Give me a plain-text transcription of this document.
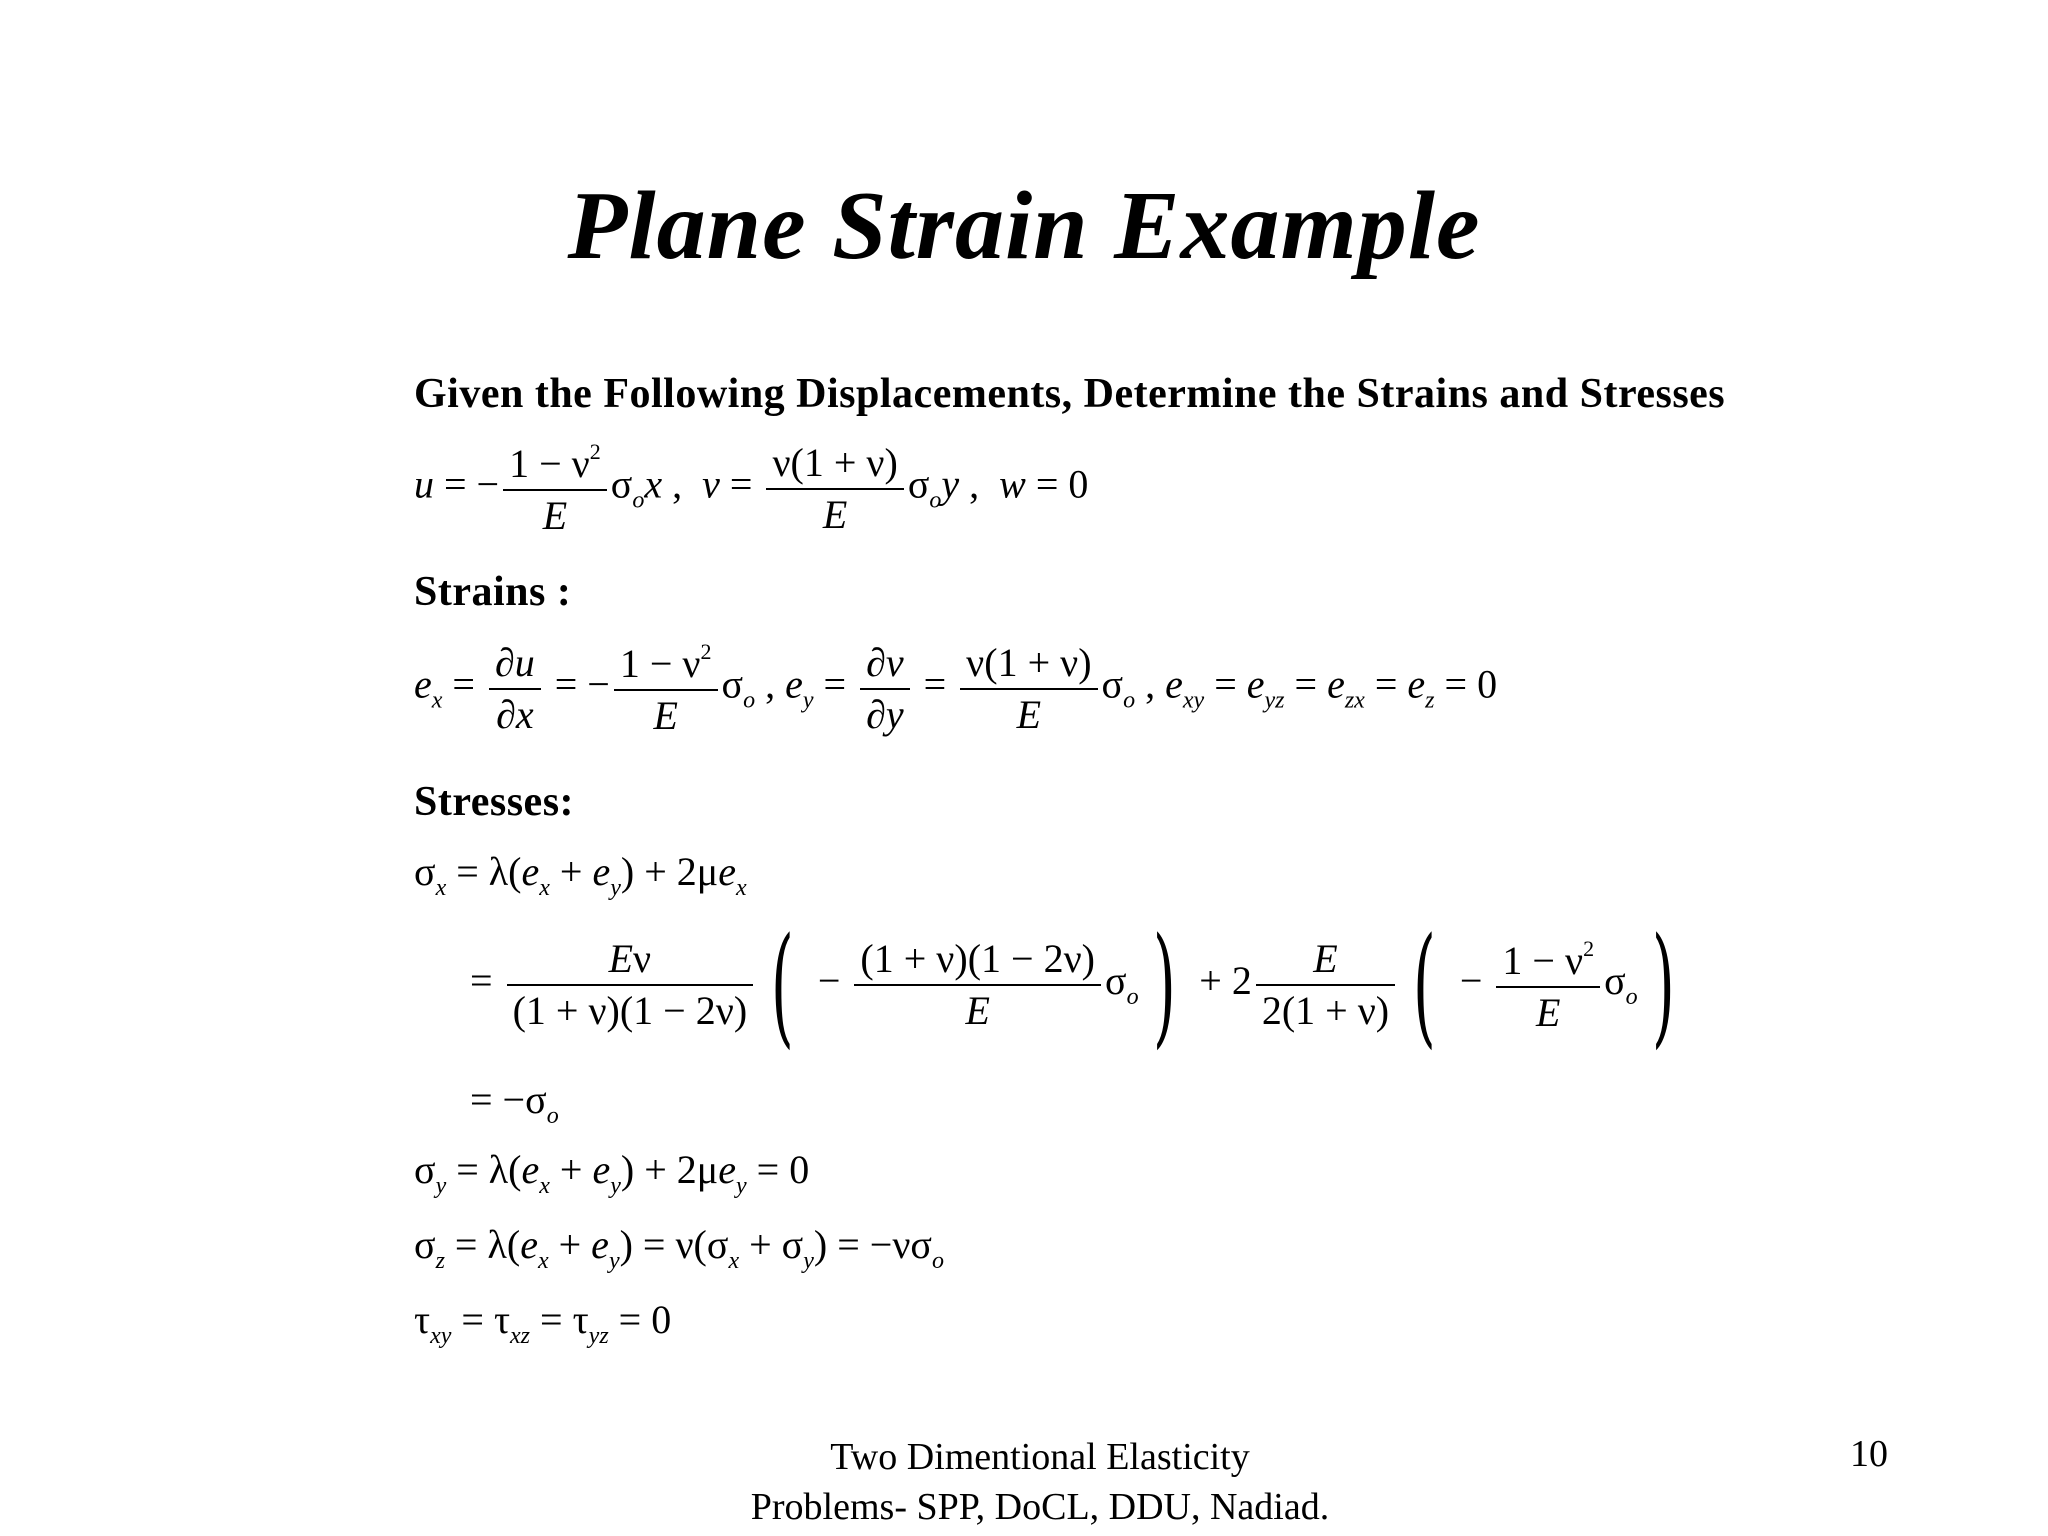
Plane Strain Example
Given the Following Displacements, Determine the Strains and Stresses
u = − $\frac{1 - \nu^2}{E} \sigma_ox$ ,  $v = \frac{\nu(1 + \nu)}{E} \sigma_oy$ ,  w = 0
Strains :
$e_x = \frac{\partial u}{\partial x}$ = − $\frac{1 - \nu^2}{E} \sigma_o$ , $e_y = \frac{\partial v}{\partial y} = \frac{\nu(1 + \nu)}{E} \sigma_o$ , $e_{xy} = e_{yz} = e_{zx} = e_z = 0$
Stresses:
$\sigma_x = \lambda(e_x + e_y) + 2\mu e_x$
= $\frac{E\nu}{(1 + \nu)(1 - 2\nu)}$ ( − $\frac{(1 + \nu)(1 - 2\nu)}{E} \sigma_o$ ) + $2 \frac{E}{2(1 + \nu)}$ ( − $\frac{1 - \nu^2}{E} \sigma_o$ )
= $-\sigma_o$
$\sigma_y = \lambda(e_x + e_y) + 2\mu e_y = 0$
$\sigma_z = \lambda(e_x + e_y) = \nu(\sigma_x + \sigma_y) = -\nu\sigma_o$
$\tau_{xy} = \tau_{xz} = \tau_{yz} = 0$
Two Dimentional Elasticity
Problems- SPP, DoCL, DDU, Nadiad.
10
